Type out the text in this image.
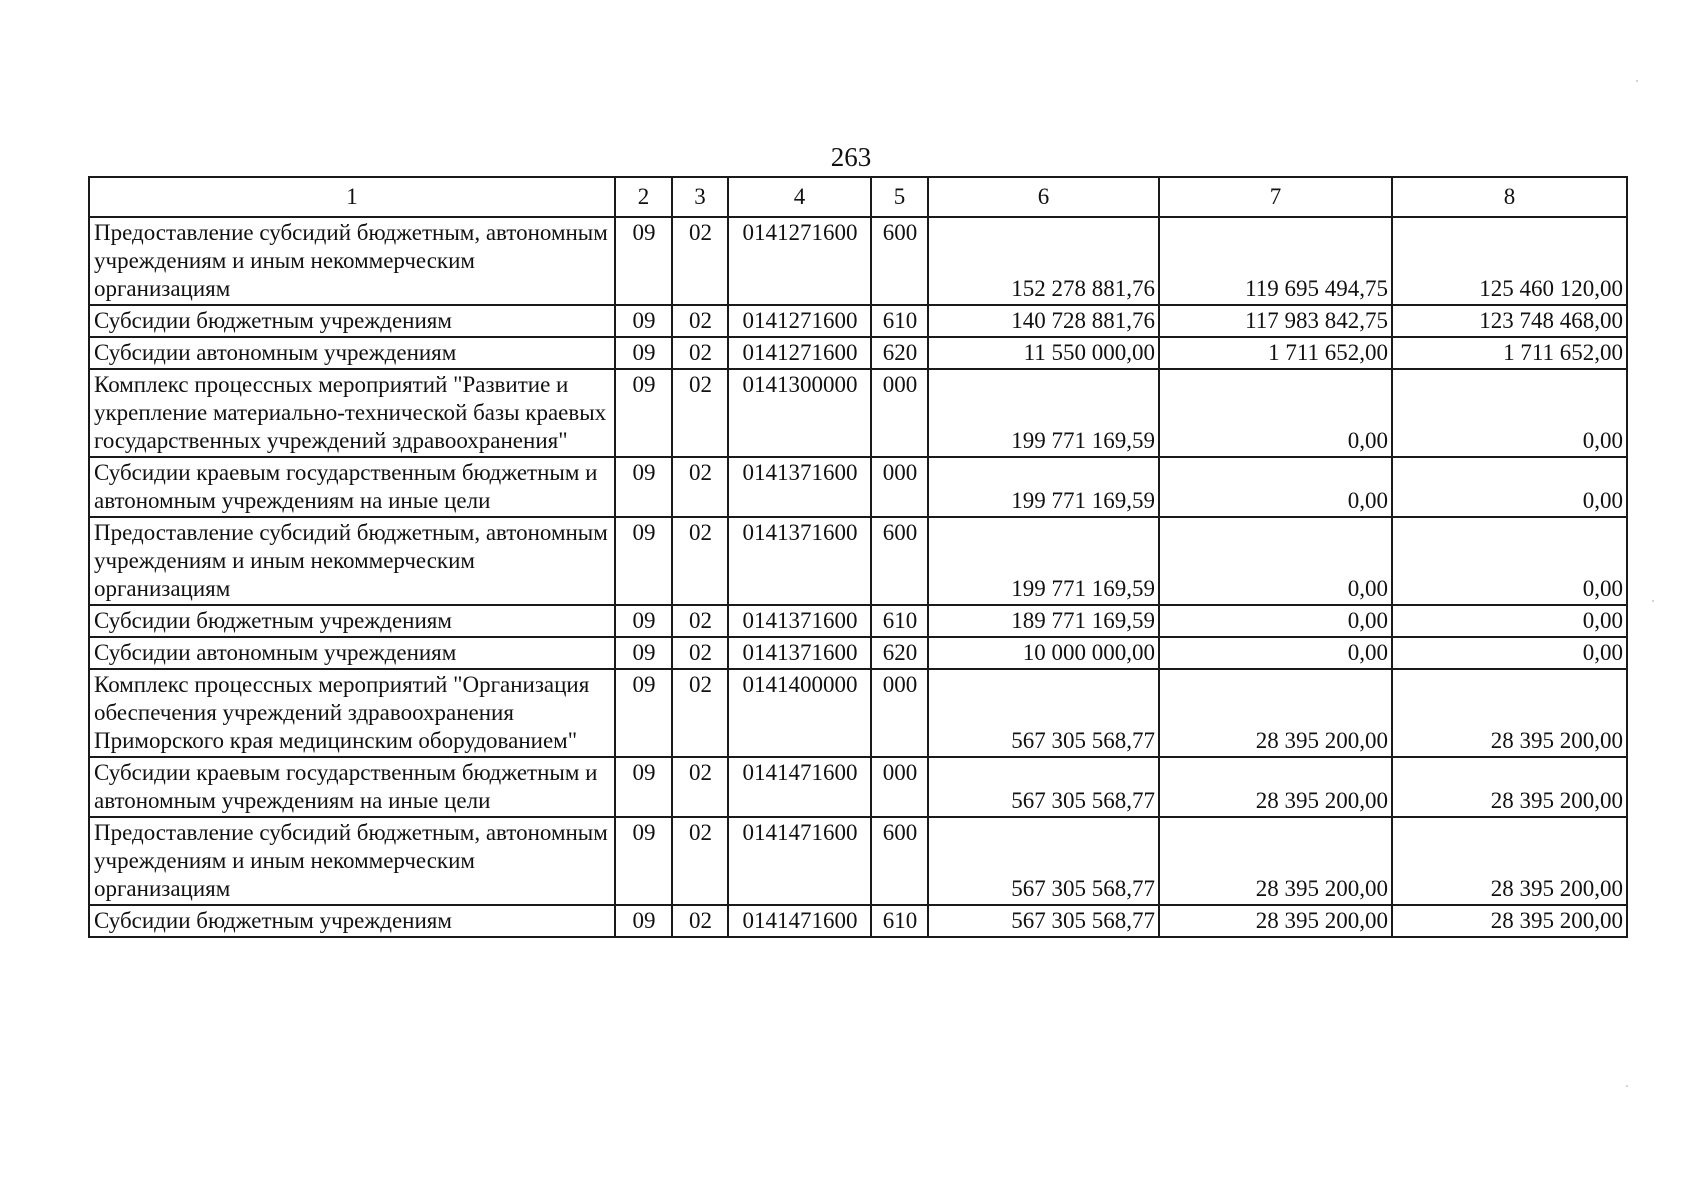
263
1	2	3	4	5	6	7	8
Предоставление субсидий бюджетным, автономным учреждениям и иным некоммерческим организациям	09	02	0141271600	600	152 278 881,76	119 695 494,75	125 460 120,00
Субсидии бюджетным учреждениям	09	02	0141271600	610	140 728 881,76	117 983 842,75	123 748 468,00
Субсидии автономным учреждениям	09	02	0141271600	620	11 550 000,00	1 711 652,00	1 711 652,00
Комплекс процессных мероприятий "Развитие и укрепление материально-технической базы краевых государственных учреждений здравоохранения"	09	02	0141300000	000	199 771 169,59	0,00	0,00
Субсидии краевым государственным бюджетным и автономным учреждениям на иные цели	09	02	0141371600	000	199 771 169,59	0,00	0,00
Предоставление субсидий бюджетным, автономным учреждениям и иным некоммерческим организациям	09	02	0141371600	600	199 771 169,59	0,00	0,00
Субсидии бюджетным учреждениям	09	02	0141371600	610	189 771 169,59	0,00	0,00
Субсидии автономным учреждениям	09	02	0141371600	620	10 000 000,00	0,00	0,00
Комплекс процессных мероприятий "Организация обеспечения учреждений здравоохранения Приморского края медицинским оборудованием"	09	02	0141400000	000	567 305 568,77	28 395 200,00	28 395 200,00
Субсидии краевым государственным бюджетным и автономным учреждениям на иные цели	09	02	0141471600	000	567 305 568,77	28 395 200,00	28 395 200,00
Предоставление субсидий бюджетным, автономным учреждениям и иным некоммерческим организациям	09	02	0141471600	600	567 305 568,77	28 395 200,00	28 395 200,00
Субсидии бюджетным учреждениям	09	02	0141471600	610	567 305 568,77	28 395 200,00	28 395 200,00
